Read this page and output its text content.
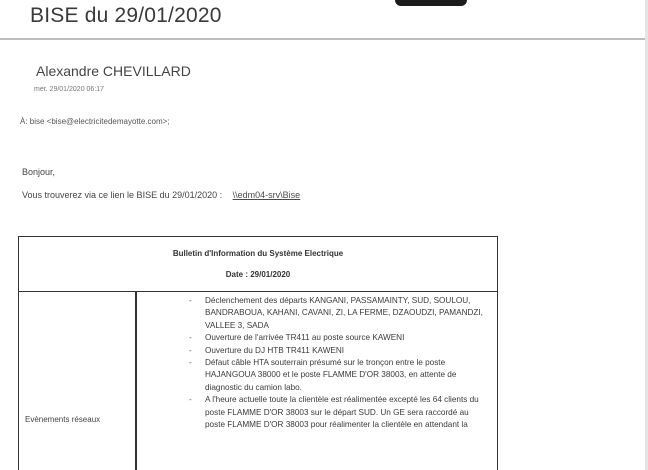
BISE du 29/01/2020
Alexandre CHEVILLARD
mer. 29/01/2020 06:17
À: bise <bise@electricitedemayotte.com>;
Bonjour,
Vous trouverez via ce lien le BISE du 29/01/2020 : \\edm04-srv\Bise
Bulletin d'Information du Système Electrique
Date : 29/01/2020
Evènements réseaux
- Déclenchement des départs KANGANI, PASSAMAINTY, SUD, SOULOU, BANDRABOUA, KAHANI, CAVANI, ZI, LA FERME, DZAOUDZI, PAMANDZI, VALLEE 3, SADA
- Ouverture de l'arrivée TR411 au poste source KAWENI
- Ouverture du DJ HTB TR411 KAWENI
- Défaut câble HTA souterrain présumé sur le tronçon entre le poste HAJANGOUA 38000 et le poste FLAMME D'OR 38003, en attente de diagnostic du camion labo.
- A l'heure actuelle toute la clientèle est réalimentée excepté les 64 clients du poste FLAMME D'OR 38003 sur le départ SUD. Un GE sera raccordé au poste FLAMME D'OR 38003 pour réalimenter la clientèle en attendant la
